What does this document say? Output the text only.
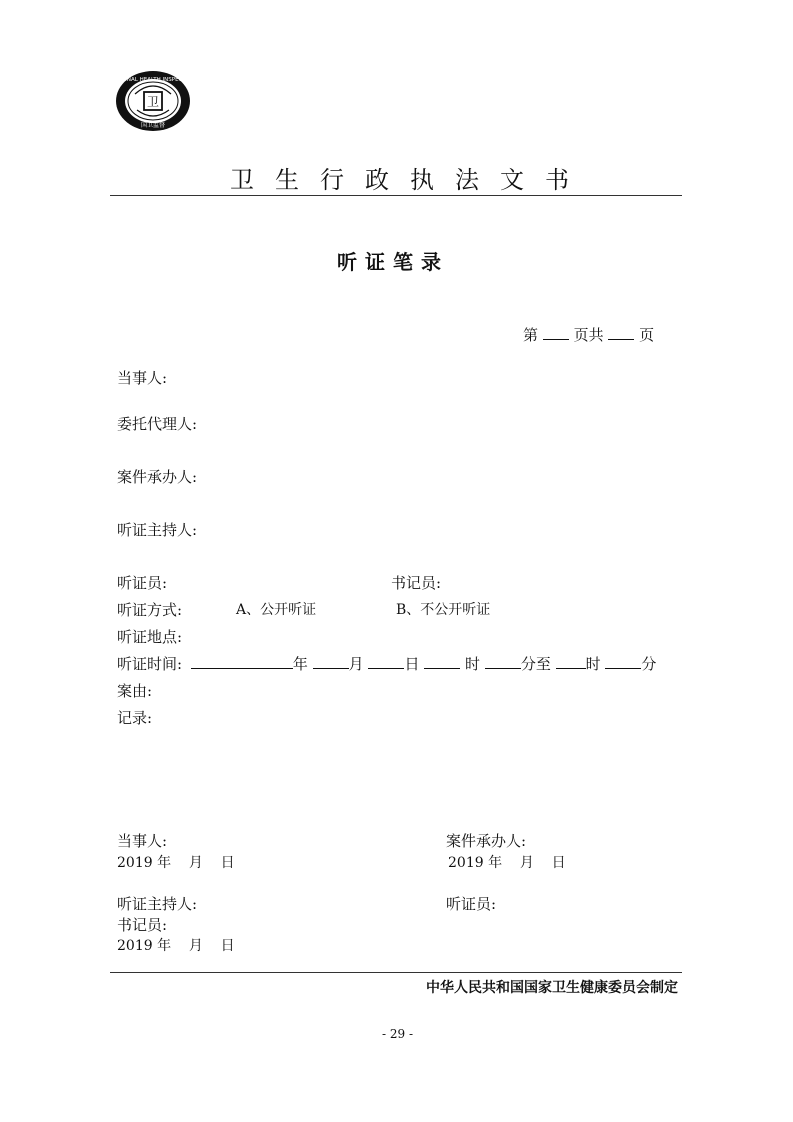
卫
NATIONAL HEALTH INSPECTION
国卫监督
卫生行政执法文书
听证笔录
第 页共 页
当事人:
委托代理人:
案件承办人:
听证主持人:
听证员:	书记员:
听证方式:	A、公开听证	B、不公开听证
听证地点:
听证时间:	年	月	日	时	分至 时	分
案由:
记录:
当事人:	案件承办人:
2019 年    月    日	2019 年    月    日
听证主持人:	听证员:
书记员:
2019 年    月    日
中华人民共和国国家卫生健康委员会制定
- 29 -
